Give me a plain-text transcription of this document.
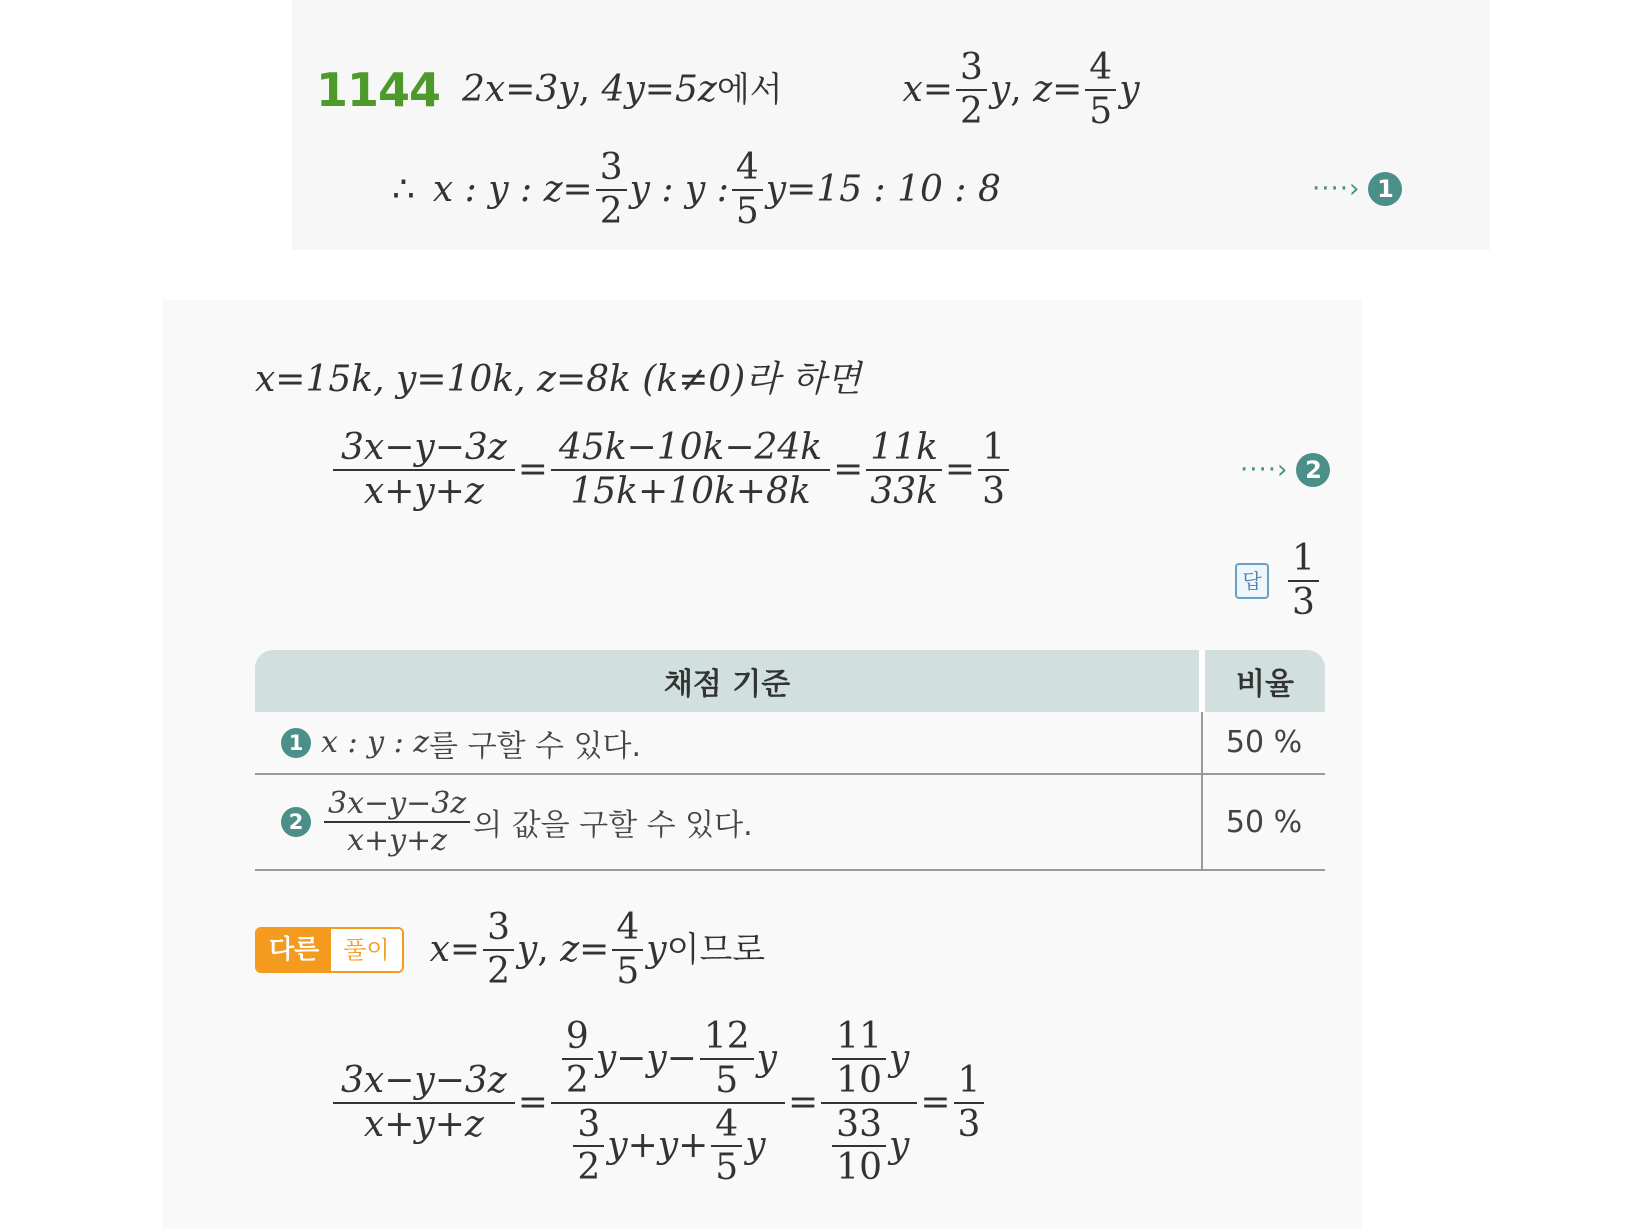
1144 2x=3y , 4y=5z 에서	$x= \frac{3}{2}$ y , $z= \frac{4}{5}$ y
∴ x : y : $z= \frac{3}{2}$ y : y : $\frac{4}{5} y=15$ : 10 : 8	····› 1
x=15k, y=10k, z=8k (k≠0)라 하면
$\frac{3x-y-3z}{x+y+z} = \frac{45k-10k-24k}{15k+10k+8k} = \frac{11k}{33k} = \frac{1}{3}$	····› 2
답 $\frac{1}{3}$
채점 기준	비율

1 x : y : z 를 구할 수 있다.	50 %

$2 \frac{3x-y-3z}{x+y+z}$ 의 값을 구할 수 있다.	50 %
다른	풀이	$x= \frac{3}{2}$ y , $z= \frac{4}{5}$ y 이므로
$\frac{3x-y-3z}{x+y+z} = \frac{\frac{9}{2} y-y- \frac{12}{5} y}{\frac{3}{2} y+y+ \frac{4}{5} y} = \frac{\frac{11}{10} y}{\frac{33}{10} y} = \frac{1}{3}$
